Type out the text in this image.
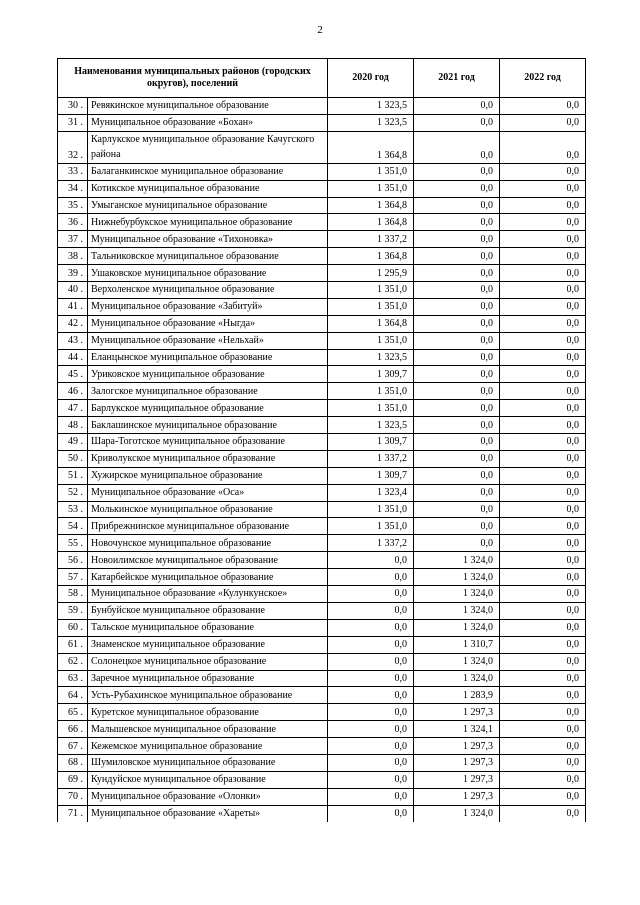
2
Наименования муниципальных районов (городских округов), поселений		2020 год	2021 год	2022 год
30 .	Ревякинское муниципальное образование	1 323,5	0,0	0,0
31 .	Муниципальное образование «Бохан»	1 323,5	0,0	0,0
32 .	Карлукское муниципальное образование Качугского района	1 364,8	0,0	0,0
33 .	Балаганкинское муниципальное образование	1 351,0	0,0	0,0
34 .	Котикское муниципальное образование	1 351,0	0,0	0,0
35 .	Умыганское муниципальное образование	1 364,8	0,0	0,0
36 .	Нижнебурбукское муниципальное образование	1 364,8	0,0	0,0
37 .	Муниципальное образование «Тихоновка»	1 337,2	0,0	0,0
38 .	Тальниковское муниципальное образование	1 364,8	0,0	0,0
39 .	Ушаковское муниципальное образование	1 295,9	0,0	0,0
40 .	Верхоленское муниципальное образование	1 351,0	0,0	0,0
41 .	Муниципальное образование «Забитуй»	1 351,0	0,0	0,0
42 .	Муниципальное образование «Ныгда»	1 364,8	0,0	0,0
43 .	Муниципальное образование «Нельхай»	1 351,0	0,0	0,0
44 .	Еланцынское муниципальное образование	1 323,5	0,0	0,0
45 .	Уриковское муниципальное образование	1 309,7	0,0	0,0
46 .	Залогское муниципальное образование	1 351,0	0,0	0,0
47 .	Барлукское муниципальное образование	1 351,0	0,0	0,0
48 .	Баклашинское муниципальное образование	1 323,5	0,0	0,0
49 .	Шара-Тоготское муниципальное образование	1 309,7	0,0	0,0
50 .	Криволукское муниципальное образование	1 337,2	0,0	0,0
51 .	Хужирское муниципальное образование	1 309,7	0,0	0,0
52 .	Муниципальное образование «Оса»	1 323,4	0,0	0,0
53 .	Молькинское муниципальное образование	1 351,0	0,0	0,0
54 .	Прибрежнинское муниципальное образование	1 351,0	0,0	0,0
55 .	Новочунское муниципальное образование	1 337,2	0,0	0,0
56 .	Новоилимское муниципальное образование	0,0	1 324,0	0,0
57 .	Катарбейское муниципальное образование	0,0	1 324,0	0,0
58 .	Муниципальное образование «Кулункунское»	0,0	1 324,0	0,0
59 .	Бунбуйское муниципальное образование	0,0	1 324,0	0,0
60 .	Тальское муниципальное образование	0,0	1 324,0	0,0
61 .	Знаменское муниципальное образование	0,0	1 310,7	0,0
62 .	Солонецкое муниципальное образование	0,0	1 324,0	0,0
63 .	Заречное муниципальное образование	0,0	1 324,0	0,0
64 .	Усть-Рубахинское муниципальное образование	0,0	1 283,9	0,0
65 .	Куретское муниципальное образование	0,0	1 297,3	0,0
66 .	Малышевское муниципальное образование	0,0	1 324,1	0,0
67 .	Кежемское муниципальное образование	0,0	1 297,3	0,0
68 .	Шумиловское муниципальное образование	0,0	1 297,3	0,0
69 .	Кундуйское муниципальное образование	0,0	1 297,3	0,0
70 .	Муниципальное образование «Олонки»	0,0	1 297,3	0,0
71 .	Муниципальное образование «Хареты»	0,0	1 324,0	0,0
